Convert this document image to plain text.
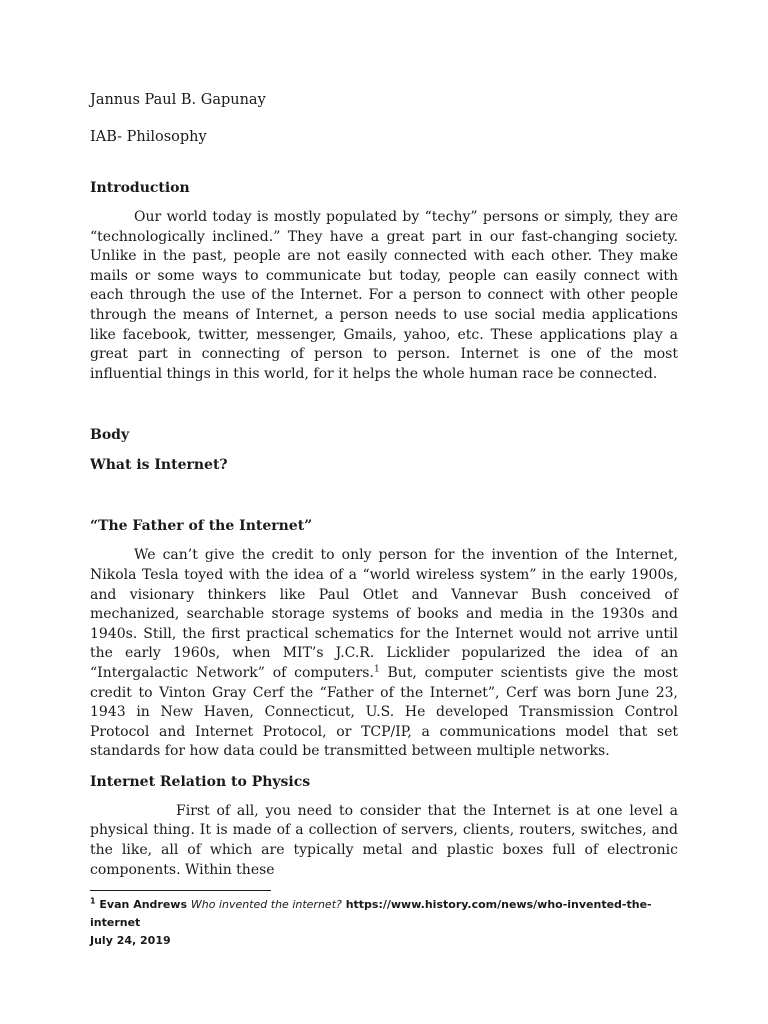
Jannus Paul B. Gapunay

IAB- Philosophy

Introduction

Our world today is mostly populated by “techy” persons or simply, they are “technologically inclined.” They have a great part in our fast-changing society. Unlike in the past, people are not easily connected with each other. They make mails or some ways to communicate but today, people can easily connect with each through the use of the Internet. For a person to connect with other people through the means of Internet, a person needs to use social media applications like facebook, twitter, messenger, Gmails, yahoo, etc. These applications play a great part in connecting of person to person. Internet is one of the most influential things in this world, for it helps the whole human race be connected.

Body

What is Internet?

“The Father of the Internet”

We can’t give the credit to only person for the invention of the Internet, Nikola Tesla toyed with the idea of a “world wireless system” in the early 1900s, and visionary thinkers like Paul Otlet and Vannevar Bush conceived of mechanized, searchable storage systems of books and media in the 1930s and 1940s. Still, the first practical schematics for the Internet would not arrive until the early 1960s, when MIT’s J.C.R. Licklider popularized the idea of an “Intergalactic Network” of computers.$^1$ But, computer scientists give the most credit to Vinton Gray Cerf the “Father of the Internet”, Cerf was born June 23, 1943 in New Haven, Connecticut, U.S. He developed Transmission Control Protocol and Internet Protocol, or TCP/IP, a communications model that set standards for how data could be transmitted between multiple networks.

Internet Relation to Physics

First of all, you need to consider that the Internet is at one level a physical thing. It is made of a collection of servers, clients, routers, switches, and the like, all of which are typically metal and plastic boxes full of electronic components. Within these

$^1$ Evan Andrews Who invented the internet? https://www.history.com/news/who-invented-the-internet
July 24, 2019
